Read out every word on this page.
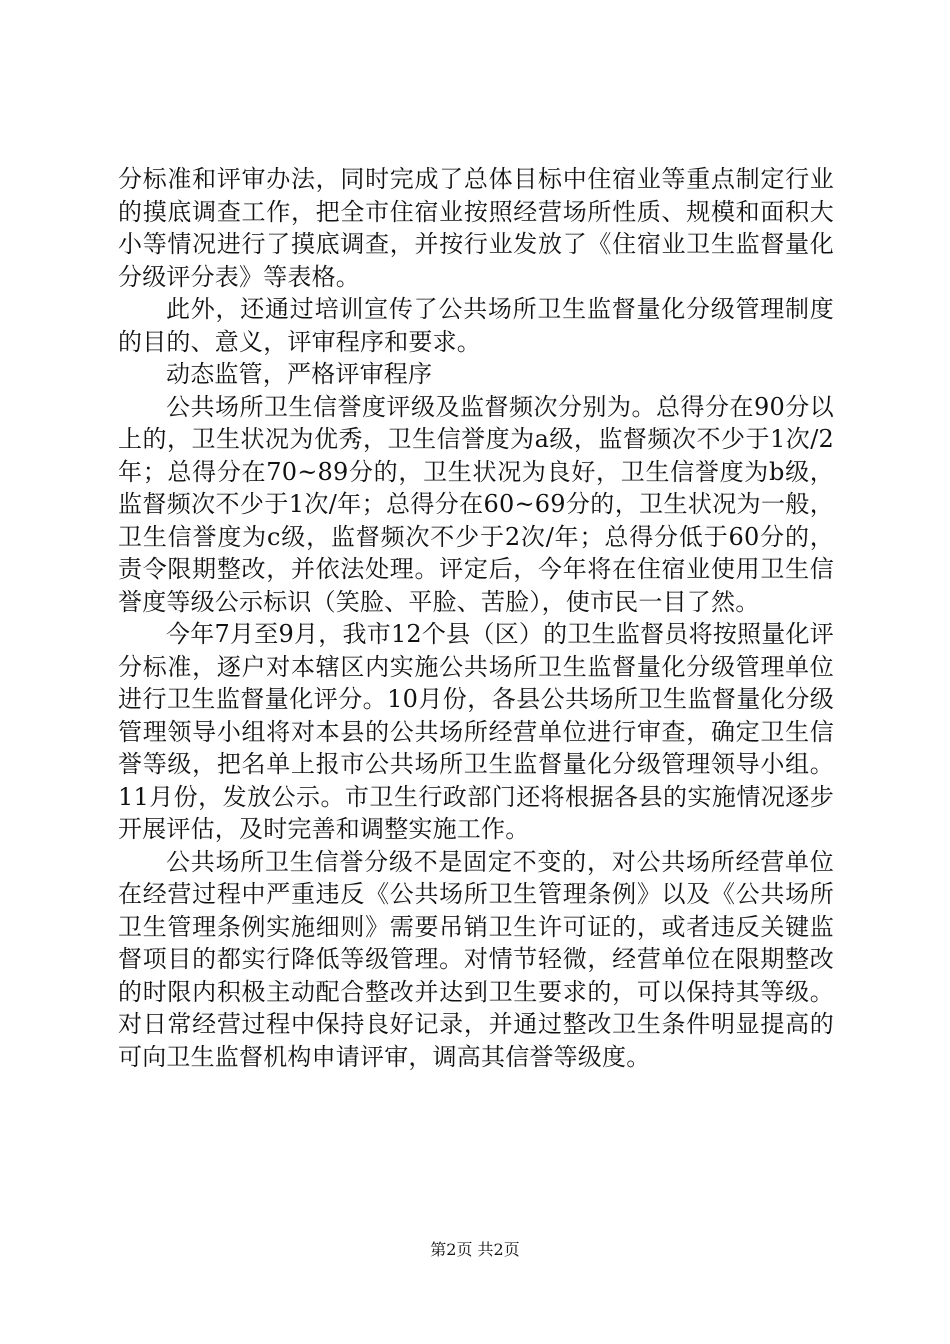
分标准和评审办法，同时完成了总体目标中住宿业等重点制定行业的摸底调查工作，把全市住宿业按照经营场所性质、规模和面积大小等情况进行了摸底调查，并按行业发放了《住宿业卫生监督量化分级评分表》等表格。

此外，还通过培训宣传了公共场所卫生监督量化分级管理制度的目的、意义，评审程序和要求。

动态监管，严格评审程序

公共场所卫生信誉度评级及监督频次分别为。总得分在90分以上的，卫生状况为优秀，卫生信誉度为a级，监督频次不少于1次/2年；总得分在70~89分的，卫生状况为良好，卫生信誉度为b级，监督频次不少于1次/年；总得分在60~69分的，卫生状况为一般，卫生信誉度为c级，监督频次不少于2次/年；总得分低于60分的，责令限期整改，并依法处理。评定后，今年将在住宿业使用卫生信誉度等级公示标识（笑脸、平脸、苦脸），使市民一目了然。

今年7月至9月，我市12个县（区）的卫生监督员将按照量化评分标准，逐户对本辖区内实施公共场所卫生监督量化分级管理单位进行卫生监督量化评分。10月份，各县公共场所卫生监督量化分级管理领导小组将对本县的公共场所经营单位进行审查，确定卫生信誉等级，把名单上报市公共场所卫生监督量化分级管理领导小组。11月份，发放公示。市卫生行政部门还将根据各县的实施情况逐步开展评估，及时完善和调整实施工作。

公共场所卫生信誉分级不是固定不变的，对公共场所经营单位在经营过程中严重违反《公共场所卫生管理条例》以及《公共场所卫生管理条例实施细则》需要吊销卫生许可证的，或者违反关键监督项目的都实行降低等级管理。对情节轻微，经营单位在限期整改的时限内积极主动配合整改并达到卫生要求的，可以保持其等级。对日常经营过程中保持良好记录，并通过整改卫生条件明显提高的可向卫生监督机构申请评审，调高其信誉等级度。

第2页 共2页
